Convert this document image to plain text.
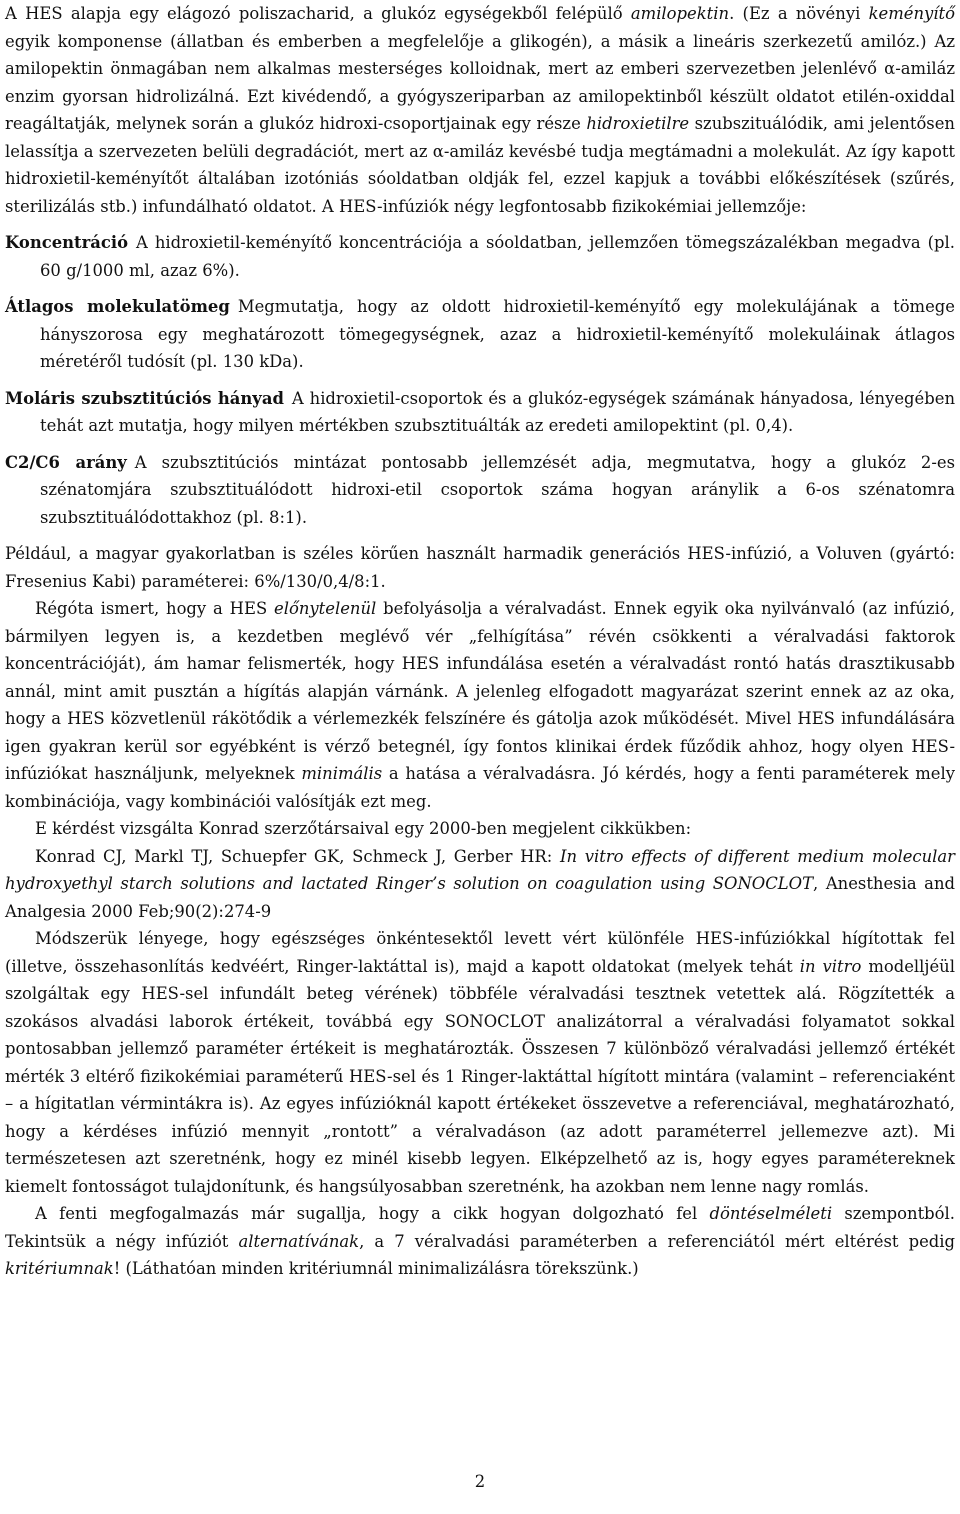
A HES alapja egy elágozó poliszacharid, a glukóz egységekből felépülő amilopektin. (Ez a növényi keményítő egyik komponense (állatban és emberben a megfelelője a glikogén), a másik a lineáris szerkezetű amilóz.) Az amilopektin önmagában nem alkalmas mesterséges kolloidnak, mert az emberi szervezetben jelenlévő α-amiláz enzim gyorsan hidrolizálná. Ezt kivédendő, a gyógyszeriparban az amilopektinből készült oldatot etilén-oxiddal reagáltatják, melynek során a glukóz hidroxi-csoportjainak egy része hidroxietilre szubszituálódik, ami jelentősen lelassítja a szervezeten belüli degradációt, mert az α-amiláz kevésbé tudja megtámadni a molekulát. Az így kapott hidroxietil-keményítőt általában izotóniás sóoldatban oldják fel, ezzel kapjuk a további előkészítések (szűrés, sterilizálás stb.) infundálható oldatot. A HES-infúziók négy legfontosabb fizikokémiai jellemzője:

Koncentráció A hidroxietil-keményítő koncentrációja a sóoldatban, jellemzően tömegszázalékban megadva (pl. 60 g/1000 ml, azaz 6%).

Átlagos molekulatömeg Megmutatja, hogy az oldott hidroxietil-keményítő egy molekulájának a tömege hányszorosa egy meghatározott tömegegységnek, azaz a hidroxietil-keményítő molekuláinak átlagos méretéről tudósít (pl. 130 kDa).

Moláris szubsztitúciós hányad A hidroxietil-csoportok és a glukóz-egységek számának hányadosa, lényegében tehát azt mutatja, hogy milyen mértékben szubsztituálták az eredeti amilopektint (pl. 0,4).

C2/C6 arány A szubsztitúciós mintázat pontosabb jellemzését adja, megmutatva, hogy a glukóz 2-es szénatomjára szubsztituálódott hidroxi-etil csoportok száma hogyan aránylik a 6-os szénatomra szubsztituálódottakhoz (pl. 8:1).

Például, a magyar gyakorlatban is széles körűen használt harmadik generációs HES-infúzió, a Voluven (gyártó: Fresenius Kabi) paraméterei: 6%/130/0,4/8:1.

Régóta ismert, hogy a HES előnytelenül befolyásolja a véralvadást. Ennek egyik oka nyilvánvaló (az infúzió, bármilyen legyen is, a kezdetben meglévő vér „felhígítása” révén csökkenti a véralvadási faktorok koncentrációját), ám hamar felismerték, hogy HES infundálása esetén a véralvadást rontó hatás drasztikusabb annál, mint amit pusztán a hígítás alapján várnánk. A jelenleg elfogadott magyarázat szerint ennek az az oka, hogy a HES közvetlenül rákötődik a vérlemezkék felszínére és gátolja azok működését. Mivel HES infundálására igen gyakran kerül sor egyébként is vérző betegnél, így fontos klinikai érdek fűződik ahhoz, hogy olyen HES-infúziókat használjunk, melyeknek minimális a hatása a véralvadásra. Jó kérdés, hogy a fenti paraméterek mely kombinációja, vagy kombinációi valósítják ezt meg.

E kérdést vizsgálta Konrad szerzőtársaival egy 2000-ben megjelent cikkükben:

Konrad CJ, Markl TJ, Schuepfer GK, Schmeck J, Gerber HR: In vitro effects of different medium molecular hydroxyethyl starch solutions and lactated Ringer’s solution on coagulation using SONOCLOT, Anesthesia and Analgesia 2000 Feb;90(2):274-9

Módszerük lényege, hogy egészséges önkéntesektől levett vért különféle HES-infúziókkal hígítottak fel (illetve, összehasonlítás kedvéért, Ringer-laktáttal is), majd a kapott oldatokat (melyek tehát in vitro modelljéül szolgáltak egy HES-sel infundált beteg vérének) többféle véralvadási tesztnek vetettek alá. Rögzítették a szokásos alvadási laborok értékeit, továbbá egy SONOCLOT analizátorral a véralvadási folyamatot sokkal pontosabban jellemző paraméter értékeit is meghatározták. Összesen 7 különböző véralvadási jellemző értékét mérték 3 eltérő fizikokémiai paraméterű HES-sel és 1 Ringer-laktáttal hígított mintára (valamint – referenciaként – a hígitatlan vérmintákra is). Az egyes infúzióknál kapott értékeket összevetve a referenciával, meghatározható, hogy a kérdéses infúzió mennyit „rontott” a véralvadáson (az adott paraméterrel jellemezve azt). Mi természetesen azt szeretnénk, hogy ez minél kisebb legyen. Elképzelhető az is, hogy egyes paramétereknek kiemelt fontosságot tulajdonítunk, és hangsúlyosabban szeretnénk, ha azokban nem lenne nagy romlás.

A fenti megfogalmazás már sugallja, hogy a cikk hogyan dolgozható fel döntéselméleti szempontból. Tekintsük a négy infúziót alternatívának, a 7 véralvadási paraméterben a referenciától mért eltérést pedig kritériumnak! (Láthatóan minden kritériumnál minimalizálásra törekszünk.)

2
